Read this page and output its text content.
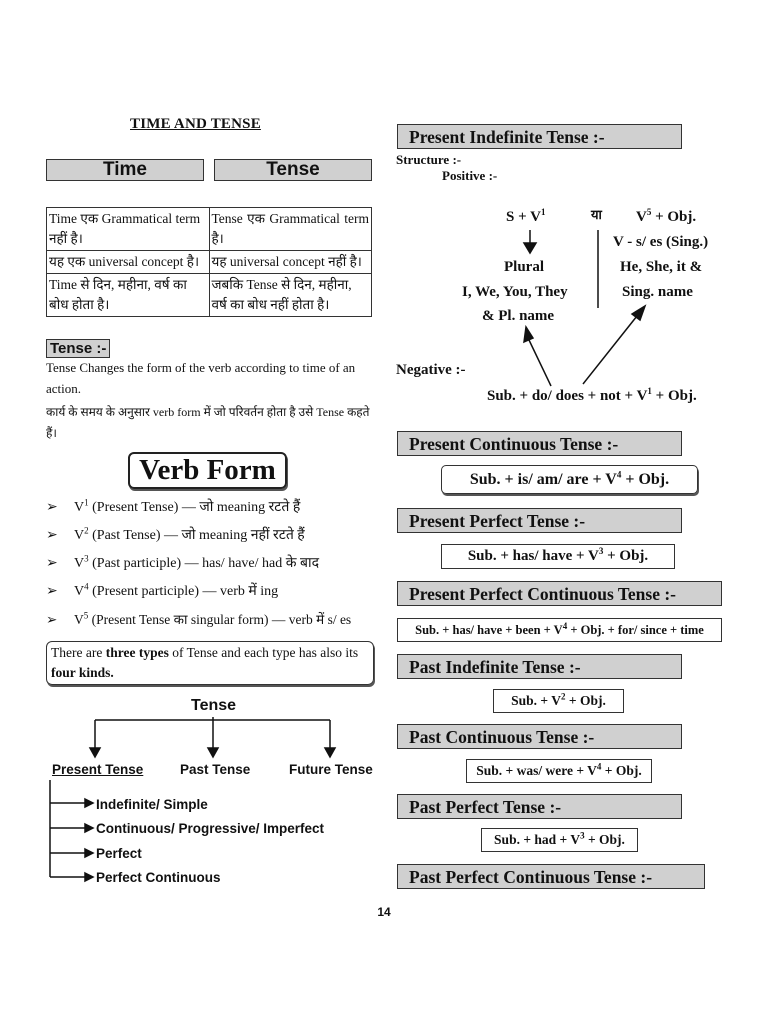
TIME AND TENSE
Time	Tense
Time एक Grammatical term नहीं है।	Tense एक Grammatical term है।
यह एक universal concept है।	यह universal concept नहीं है।
Time से दिन, महीना, वर्ष का बोध होता है।	जबकि Tense से दिन, महीना, वर्ष का बोध नहीं होता है।
Tense :-
Tense Changes the form of the verb according to time of an action.
कार्य के समय के अनुसार verb form में जो परिवर्तन होता है उसे Tense कहते हैं।
Verb Form
➢ $V^1$ (Present Tense) — जो meaning रटते हैं
➢ $V^2$ (Past Tense) — जो meaning नहीं रटते हैं
➢ $V^3$ (Past participle) — has/ have/ had के बाद
➢ $V^4$ (Present participle) — verb में ing
➢ $V^5$ (Present Tense का singular form) — verb में s/ es
There are three types of Tense and each type has also its four kinds.
Tense
Present Tense	Past Tense	Future Tense
Indefinite/ Simple
Continuous/ Progressive/ Imperfect
Perfect
Perfect Continuous
Present Indefinite Tense :-
Structure :-
Positive :-
$S + V^1$	या $V^5$ + Obj.
V - s/ es (Sing.)
Plural	He, She, it &
I, We, You, They	Sing. name
& Pl. name
Negative :-
Sub. + do/ does + not + $V^1$ + Obj.
Present Continuous Tense :-
Sub. + is/ am/ are + $V^4$ + Obj.
Present Perfect Tense :-
Sub. + has/ have + $V^3$ + Obj.
Present Perfect Continuous Tense :-
Sub. + has/ have + been + $V^4$ + Obj. + for/ since + time
Past Indefinite Tense :-
Sub. + $V^2$ + Obj.
Past Continuous Tense :-
Sub. + was/ were + $V^4$ + Obj.
Past Perfect Tense :-
Sub. + had + $V^3$ + Obj.
Past Perfect Continuous Tense :-
14
